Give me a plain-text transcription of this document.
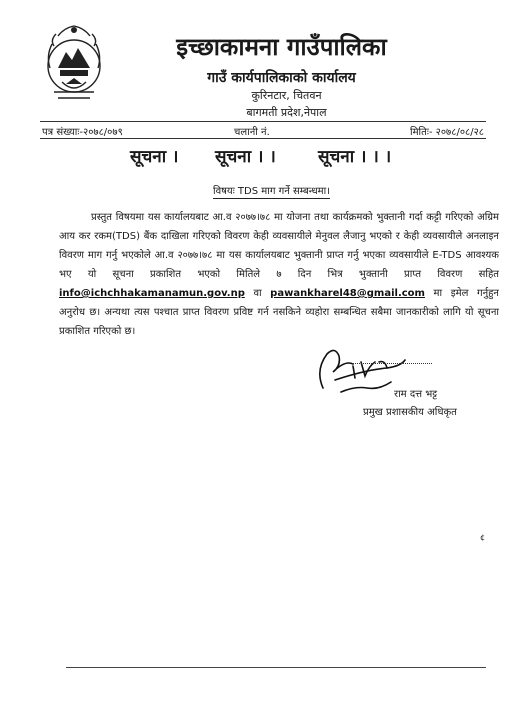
इच्छाकामना गाउँपालिका
गाउँ कार्यपालिकाको कार्यालय
कुरिनटार, चितवन
बागमती प्रदेश,नेपाल
पत्र संख्याः-२०७८/०७९	चलानी नं.	मितिः- २०७८/०८/२८
सूचना । सूचना । । सूचना । । ।
विषयः TDS माग गर्ने सम्बन्धमा।
प्रस्तुत विषयमा यस कार्यालयबाट आ.व २०७७।७८ मा योजना तथा कार्यक्रमको भुक्तानी गर्दा कट्टी गरिएको अग्रिम आय कर रकम(TDS) बैंक दाखिला गरिएको विवरण केही व्यवसायीले मेनुवल लैजानु भएको र केही व्यवसायीले अनलाइन विवरण माग गर्नु भएकोले आ.व २०७७।७८ मा यस कार्यालयबाट भुक्तानी प्राप्त गर्नु भएका व्यवसायीले E-TDS आवश्यक भए यो सूचना प्रकाशित भएको मितिले ७ दिन भित्र भुक्तानी प्राप्त विवरण सहित info@ichchhakamanamun.gov.np वा pawankharel48@gmail.com मा इमेल गर्नुहुन अनुरोध छ। अन्यथा त्यस पश्चात प्राप्त विवरण प्रविष्ट गर्न नसकिने व्यहोरा सम्बन्धित सबैमा जानकारीको लागि यो सूचना प्रकाशित गरिएको छ।
राम दत्त भट्ट
प्रमुख प्रशासकीय अधिकृत
¢
